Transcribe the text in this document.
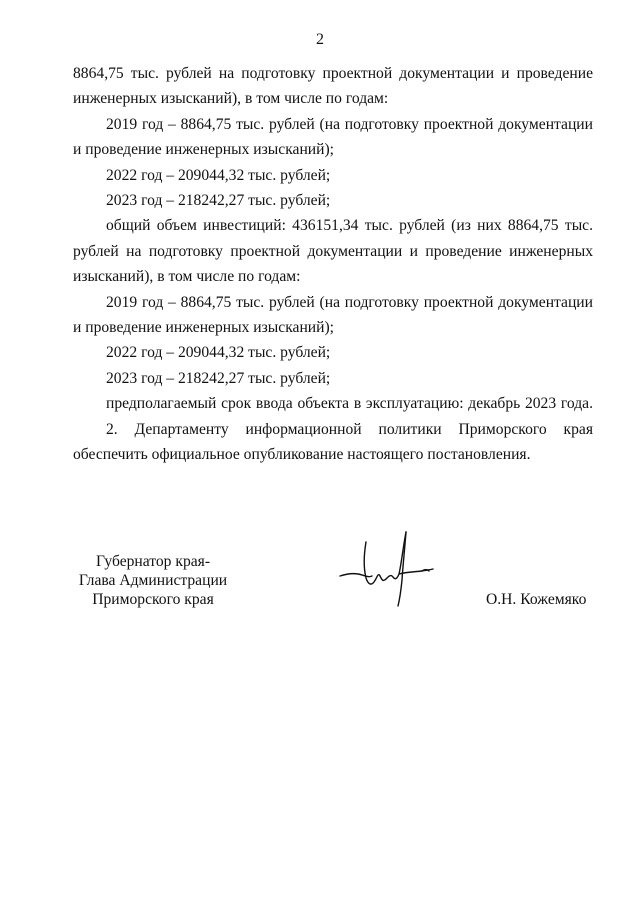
2

8864,75 тыс. рублей на подготовку проектной документации и проведение инженерных изысканий), в том числе по годам:

2019 год – 8864,75 тыс. рублей (на подготовку проектной документации и проведение инженерных изысканий);

2022 год – 209044,32 тыс. рублей;

2023 год – 218242,27 тыс. рублей;

общий объем инвестиций: 436151,34 тыс. рублей (из них 8864,75 тыс. рублей на подготовку проектной документации и проведение инженерных изысканий), в том числе по годам:

2019 год – 8864,75 тыс. рублей (на подготовку проектной документации и проведение инженерных изысканий);

2022 год – 209044,32 тыс. рублей;

2023 год – 218242,27 тыс. рублей;

предполагаемый срок ввода объекта в эксплуатацию: декабрь 2023 года.

2. Департаменту информационной политики Приморского края обеспечить официальное опубликование настоящего постановления.

Губернатор края-
Глава Администрации
Приморского края	О.Н. Кожемяко
